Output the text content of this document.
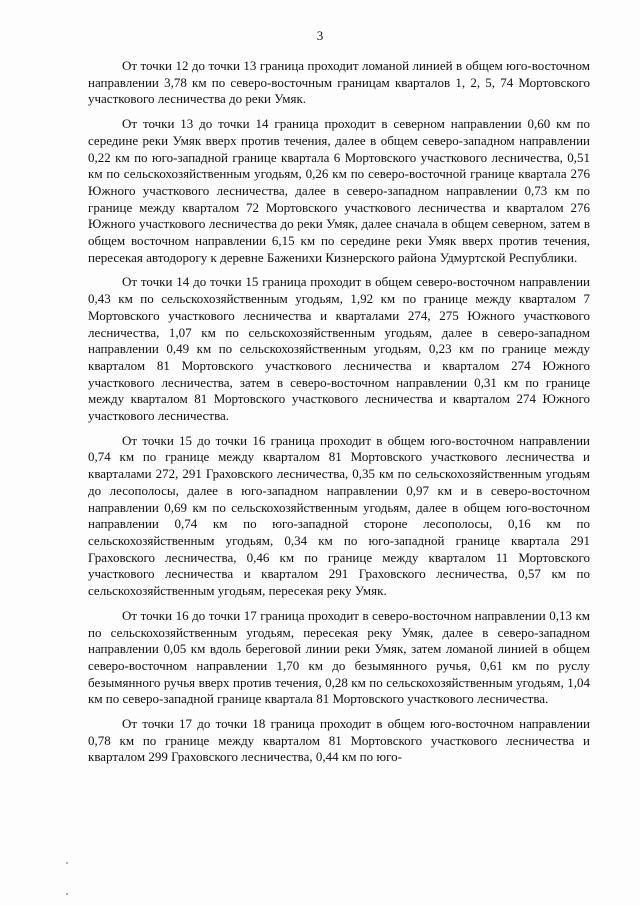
3

От точки 12 до точки 13 граница проходит ломаной линией в общем юго-восточном направлении 3,78 км по северо-восточным границам кварталов 1, 2, 5, 74 Мортовского участкового лесничества до реки Умяк.

От точки 13 до точки 14 граница проходит в северном направлении 0,60 км по середине реки Умяк вверх против течения, далее в общем северо-западном направлении 0,22 км по юго-западной границе квартала 6 Мортовского участкового лесничества, 0,51 км по сельскохозяйственным угодьям, 0,26 км по северо-восточной границе квартала 276 Южного участкового лесничества, далее в северо-западном направлении 0,73 км по границе между кварталом 72 Мортовского участкового лесничества и кварталом 276 Южного участкового лесничества до реки Умяк, далее сначала в общем северном, затем в общем восточном направлении 6,15 км по середине реки Умяк вверх против течения, пересекая автодорогу к деревне Баженихи Кизнерского района Удмуртской Республики.

От точки 14 до точки 15 граница проходит в общем северо-восточном направлении 0,43 км по сельскохозяйственным угодьям, 1,92 км по границе между кварталом 7 Мортовского участкового лесничества и кварталами 274, 275 Южного участкового лесничества, 1,07 км по сельскохозяйственным угодьям, далее в северо-западном направлении 0,49 км по сельскохозяйственным угодьям, 0,23 км по границе между кварталом 81 Мортовского участкового лесничества и кварталом 274 Южного участкового лесничества, затем в северо-восточном направлении 0,31 км по границе между кварталом 81 Мортовского участкового лесничества и кварталом 274 Южного участкового лесничества.

От точки 15 до точки 16 граница проходит в общем юго-восточном направлении 0,74 км по границе между кварталом 81 Мортовского участкового лесничества и кварталами 272, 291 Граховского лесничества, 0,35 км по сельскохозяйственным угодьям до лесополосы, далее в юго-западном направлении 0,97 км и в северо-восточном направлении 0,69 км по сельскохозяйственным угодьям, далее в общем юго-восточном направлении 0,74 км по юго-западной стороне лесополосы, 0,16 км по сельскохозяйственным угодьям, 0,34 км по юго-западной границе квартала 291 Граховского лесничества, 0,46 км по границе между кварталом 11 Мортовского участкового лесничества и кварталом 291 Граховского лесничества, 0,57 км по сельскохозяйственным угодьям, пересекая реку Умяк.

От точки 16 до точки 17 граница проходит в северо-восточном направлении 0,13 км по сельскохозяйственным угодьям, пересекая реку Умяк, далее в северо-западном направлении 0,05 км вдоль береговой линии реки Умяк, затем ломаной линией в общем северо-восточном направлении 1,70 км до безымянного ручья, 0,61 км по руслу безымянного ручья вверх против течения, 0,28 км по сельскохозяйственным угодьям, 1,04 км по северо-западной границе квартала 81 Мортовского участкового лесничества.

От точки 17 до точки 18 граница проходит в общем юго-восточном направлении 0,78 км по границе между кварталом 81 Мортовского участкового лесничества и кварталом 299 Граховского лесничества, 0,44 км по юго-
